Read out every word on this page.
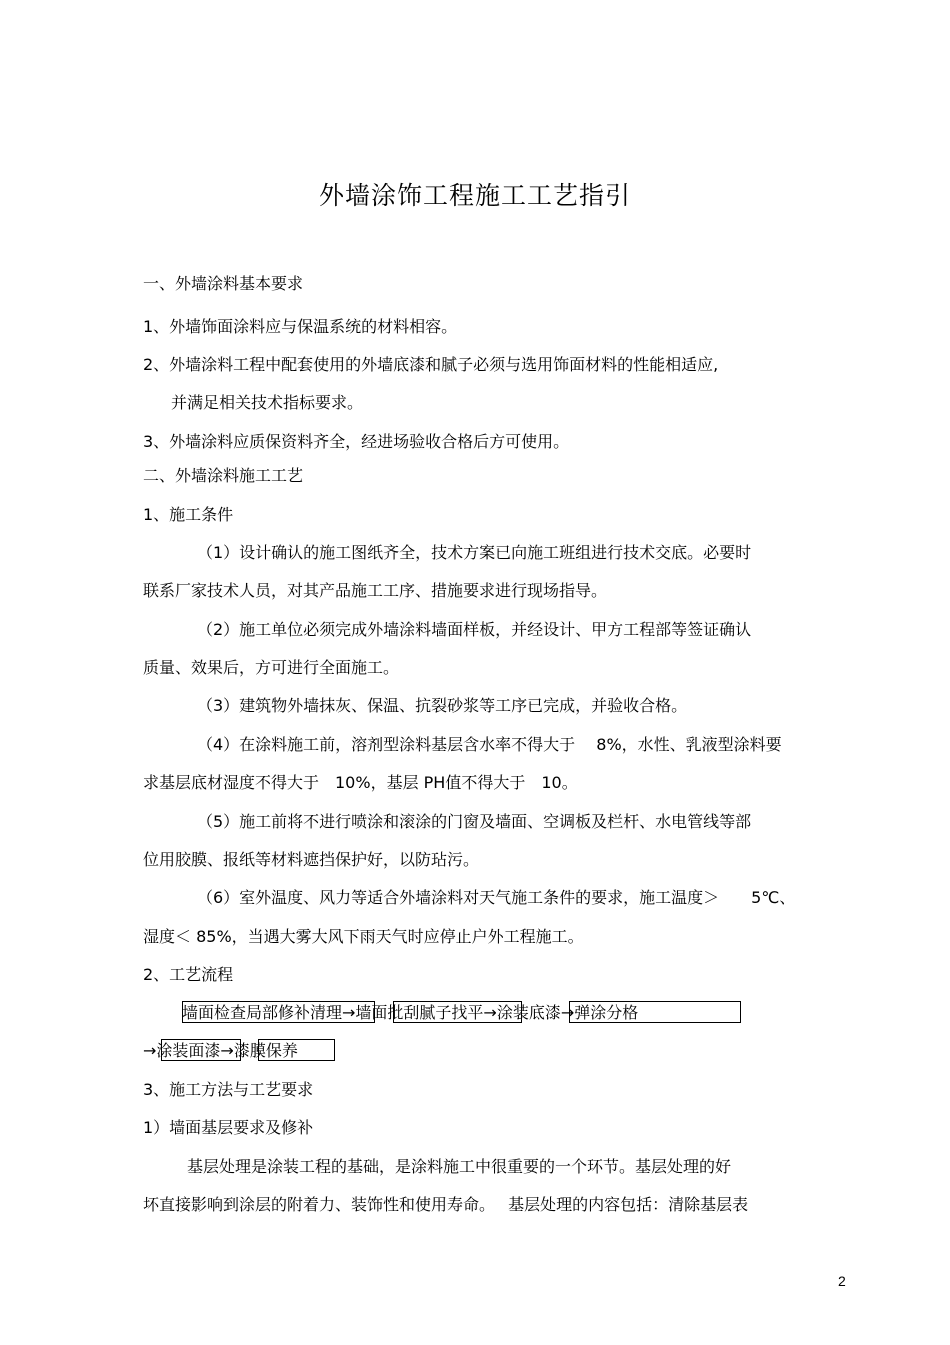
外墙涂饰工程施工工艺指引
一、外墙涂料基本要求
1、外墙饰面涂料应与保温系统的材料相容。
2、外墙涂料工程中配套使用的外墙底漆和腻子必须与选用饰面材料的性能相适应,
并满足相关技术指标要求。
3、外墙涂料应质保资料齐全，经进场验收合格后方可使用。
二、外墙涂料施工工艺
1、施工条件
（1）设计确认的施工图纸齐全，技术方案已向施工班组进行技术交底。必要时
联系厂家技术人员，对其产品施工工序、措施要求进行现场指导。
（2）施工单位必须完成外墙涂料墙面样板，并经设计、甲方工程部等签证确认
质量、效果后，方可进行全面施工。
（3）建筑物外墙抹灰、保温、抗裂砂浆等工序已完成，并验收合格。
（4）在涂料施工前，溶剂型涂料基层含水率不得大于　 8%，水性、乳液型涂料要
求基层底材湿度不得大于　10%，基层 PH值不得大于　10。
（5）施工前将不进行喷涂和滚涂的门窗及墙面、空调板及栏杆、水电管线等部
位用胶膜、报纸等材料遮挡保护好，以防玷污。
（6）室外温度、风力等适合外墙涂料对天气施工条件的要求，施工温度＞　　5℃、
湿度＜ 85%，当遇大雾大风下雨天气时应停止户外工程施工。
2、工艺流程
墙面检查局部修补清理→墙面批刮腻子找平→涂装底漆→弹涂分格
→涂装面漆→漆膜保养
3、施工方法与工艺要求
1）墙面基层要求及修补
基层处理是涂装工程的基础，是涂料施工中很重要的一个环节。基层处理的好
坏直接影响到涂层的附着力、装饰性和使用寿命。　 基层处理的内容包括：清除基层表
2
